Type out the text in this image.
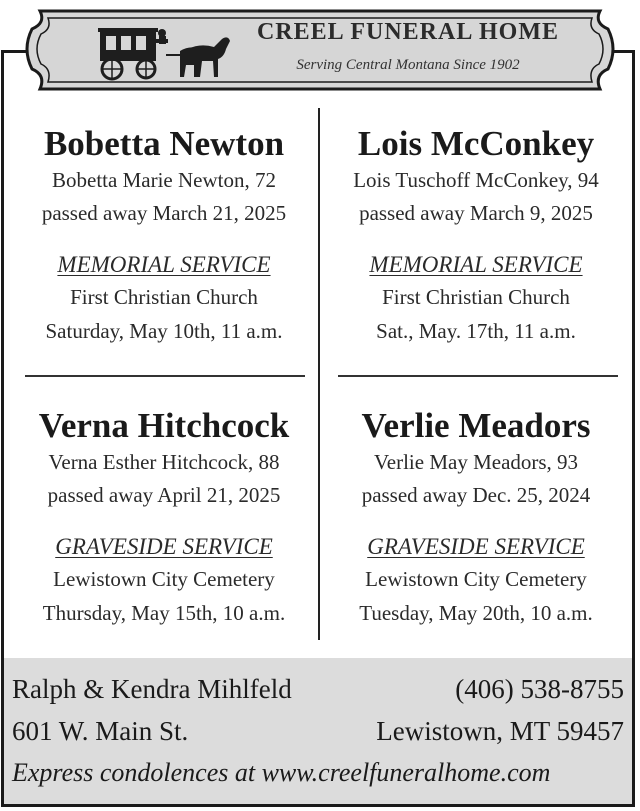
CREEL FUNERAL HOME
Serving Central Montana Since 1902
Bobetta Newton
Bobetta Marie Newton, 72
passed away March 21, 2025
MEMORIAL SERVICE
First Christian Church
Saturday, May 10th, 11 a.m.
Lois McConkey
Lois Tuschoff McConkey, 94
passed away March 9, 2025
MEMORIAL SERVICE
First Christian Church
Sat., May. 17th, 11 a.m.
Verna Hitchcock
Verna Esther Hitchcock, 88
passed away April 21, 2025
GRAVESIDE SERVICE
Lewistown City Cemetery
Thursday, May 15th, 10 a.m.
Verlie Meadors
Verlie May Meadors, 93
passed away Dec. 25, 2024
GRAVESIDE SERVICE
Lewistown City Cemetery
Tuesday, May 20th, 10 a.m.
Ralph & Kendra Mihlfeld	(406) 538-8755
601 W. Main St.	Lewistown, MT 59457
Express condolences at www.creelfuneralhome.com
